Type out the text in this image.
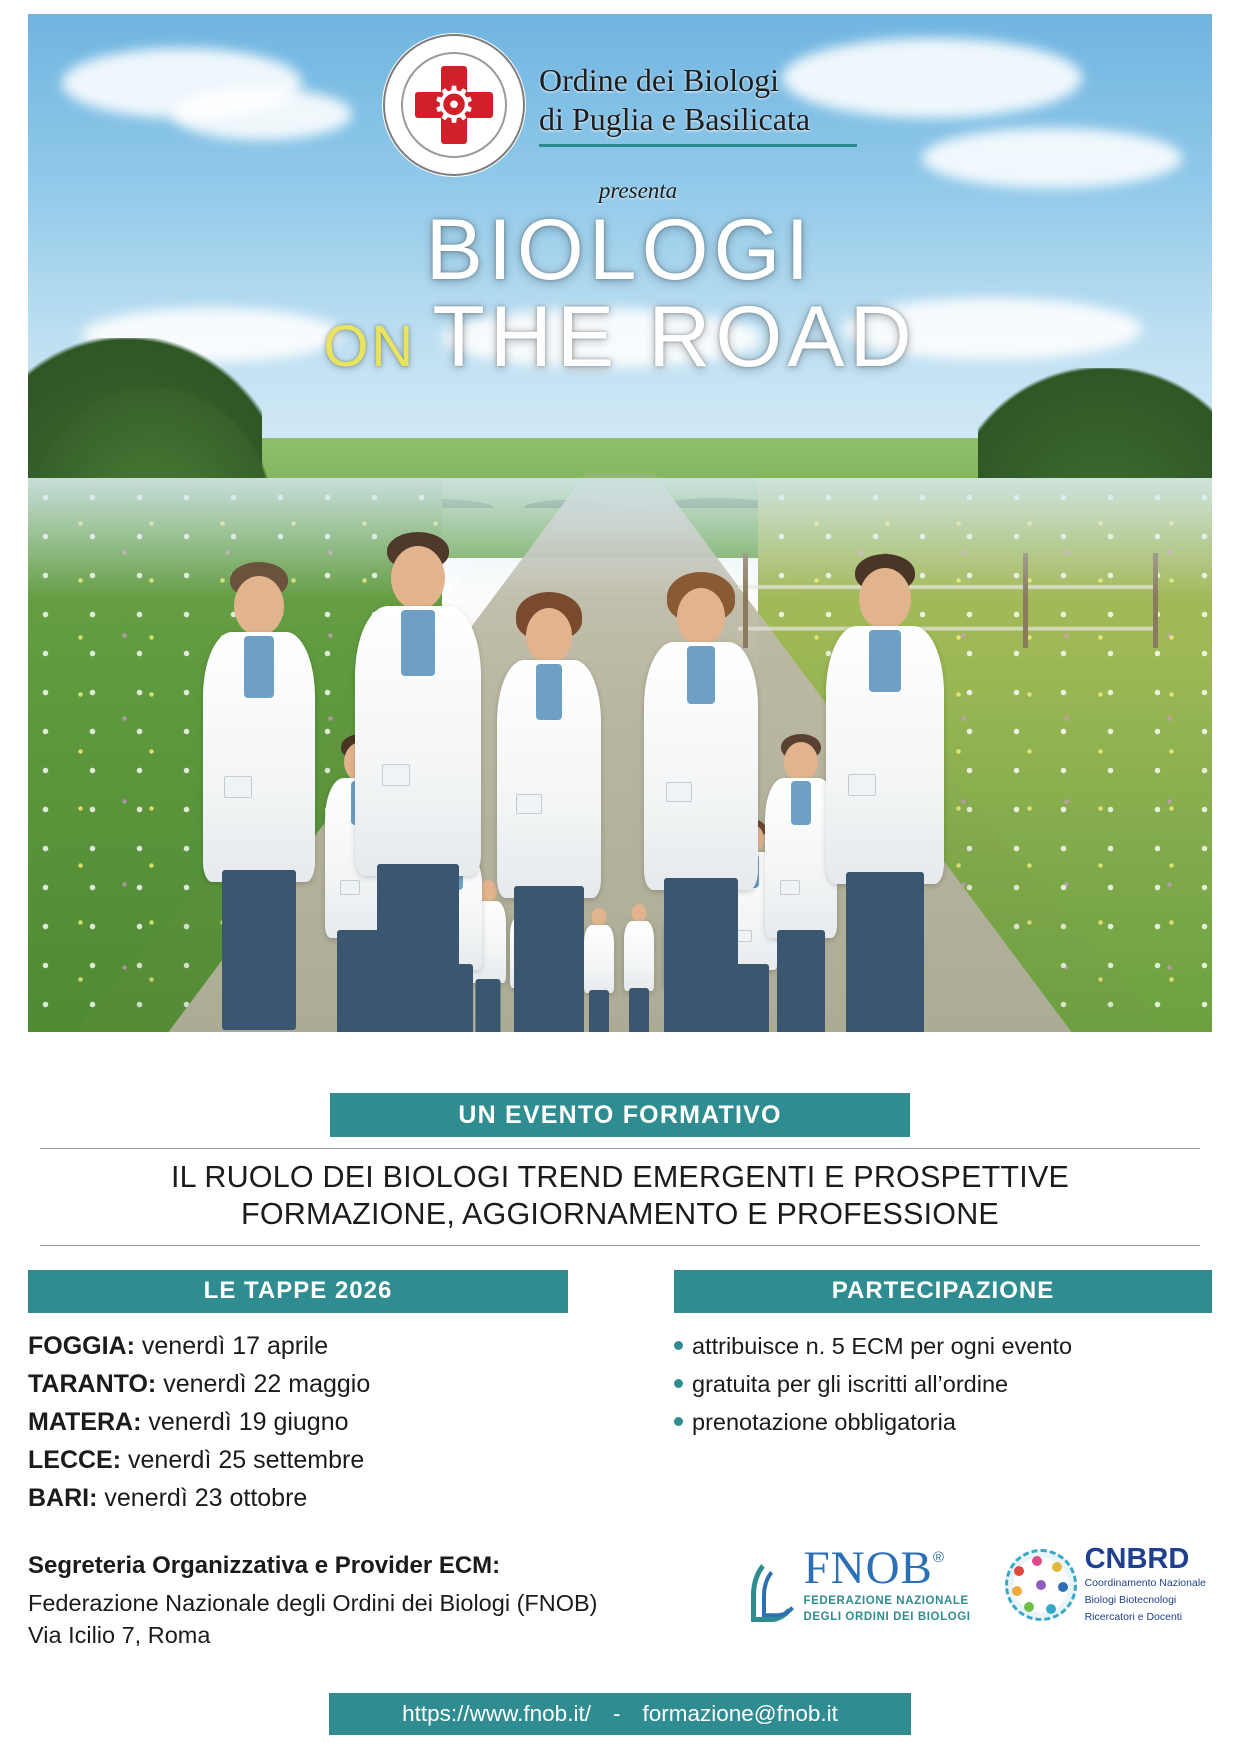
⚙ Ordine dei Biologi
di Puglia e Basilicata
presenta
BIOLOGI
ON THE ROAD
UN EVENTO FORMATIVO
IL RUOLO DEI BIOLOGI TREND EMERGENTI E PROSPETTIVE
FORMAZIONE, AGGIORNAMENTO E PROFESSIONE
LE TAPPE 2026
FOGGIA: venerdì 17 aprile
TARANTO: venerdì 22 maggio
MATERA: venerdì 19 giugno
LECCE: venerdì 25 settembre
BARI: venerdì 23 ottobre
PARTECIPAZIONE
attribuisce n. 5 ECM per ogni evento
gratuita per gli iscritti all’ordine
prenotazione obbligatoria
Segreteria Organizzativa e Provider ECM:
Federazione Nazionale degli Ordini dei Biologi (FNOB)
Via Icilio 7, Roma
FNOB ®
FEDERAZIONE NAZIONALE
DEGLI ORDINI DEI BIOLOGI
CNBRD
Coordinamento Nazionale
Biologi Biotecnologi
Ricercatori e Docenti
https://www.fnob.it/ - formazione@fnob.it
